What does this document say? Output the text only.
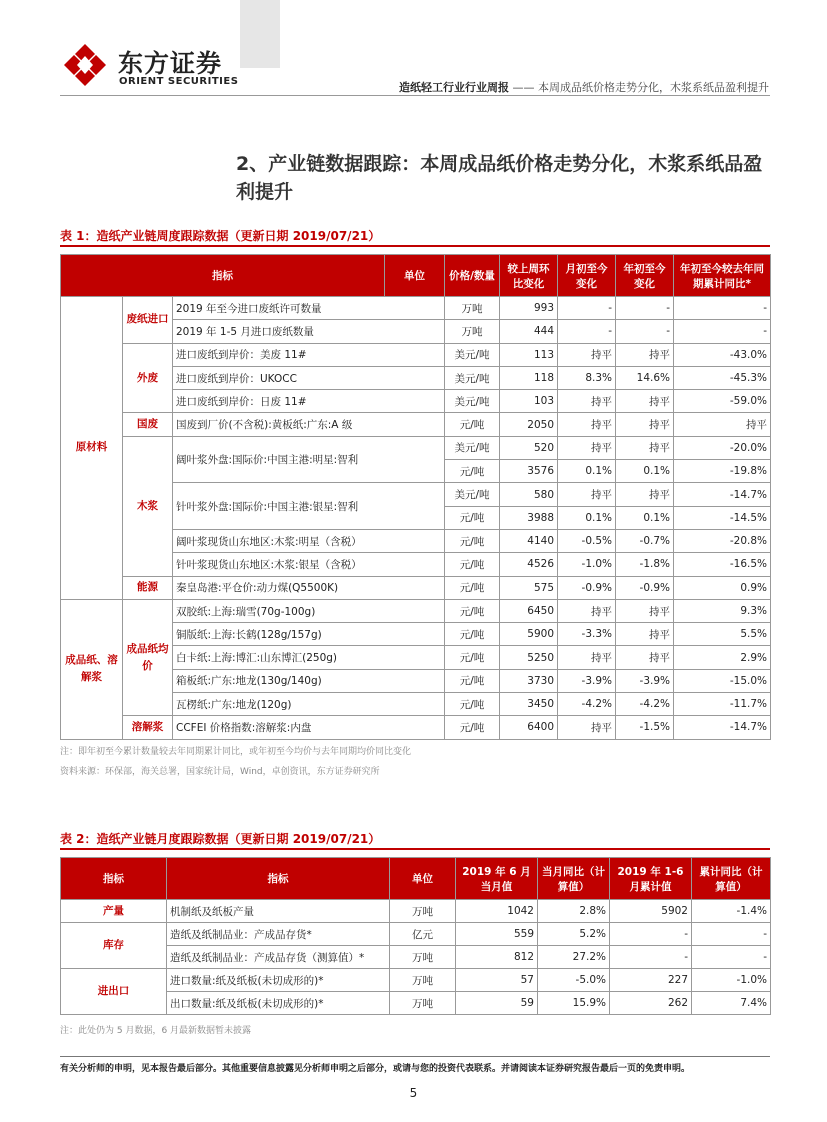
东方证券
ORIENT SECURITIES	造纸轻工行业行业周报 —— 本周成品纸价格走势分化，木浆系纸品盈利提升
2、产业链数据跟踪：本周成品纸价格走势分化，木浆系纸品盈利提升
表 1：造纸产业链周度跟踪数据（更新日期 2019/07/21）
指标			单位	价格/数量	较上周环比变化	月初至今变化	年初至今变化	年初至今较去年同期累计同比*	
原材料	废纸进口	2019 年至今进口废纸许可数量		万吨	993	-	-	-	
		2019 年 1-5 月进口废纸数量		万吨	444	-	-	-	
	外废	进口废纸到岸价：美废 11#		美元/吨	113	持平	持平	-43.0%	
		进口废纸到岸价：UKOCC		美元/吨	118	8.3%	14.6%	-45.3%	
		进口废纸到岸价：日废 11#		美元/吨	103	持平	持平	-59.0%	
	国废	国废到厂价(不含税):黄板纸:广东:A 级		元/吨	2050	持平	持平	持平	
	木浆	阔叶浆外盘:国际价:中国主港:明星:智利		美元/吨	520	持平	持平	-20.0%	
				元/吨	3576	0.1%	0.1%	-19.8%	
		针叶浆外盘:国际价:中国主港:银星:智利		美元/吨	580	持平	持平	-14.7%	
				元/吨	3988	0.1%	0.1%	-14.5%	
		阔叶浆现货山东地区:木浆:明星（含税）		元/吨	4140	-0.5%	-0.7%	-20.8%	
		针叶浆现货山东地区:木浆:银星（含税）		元/吨	4526	-1.0%	-1.8%	-16.5%	
	能源	秦皇岛港:平仓价:动力煤(Q5500K)		元/吨	575	-0.9%	-0.9%	0.9%	
成品纸、溶解浆	成品纸均价	双胶纸:上海:瑞雪(70g-100g)		元/吨	6450	持平	持平	9.3%	
		铜版纸:上海:长鹤(128g/157g)		元/吨	5900	-3.3%	持平	5.5%	
		白卡纸:上海:博汇:山东博汇(250g)		元/吨	5250	持平	持平	2.9%	
		箱板纸:广东:地龙(130g/140g)		元/吨	3730	-3.9%	-3.9%	-15.0%	
		瓦楞纸:广东:地龙(120g)		元/吨	3450	-4.2%	-4.2%	-11.7%	
	溶解浆	CCFEI 价格指数:溶解浆:内盘		元/吨	6400	持平	-1.5%	-14.7%	
注：即年初至今累计数量较去年同期累计同比，或年初至今均价与去年同期均价同比变化
资料来源：环保部，海关总署，国家统计局，Wind，卓创资讯，东方证券研究所
表 2：造纸产业链月度跟踪数据（更新日期 2019/07/21）
指标	指标	单位	2019 年 6 月当月值	当月同比（计算值）	2019 年 1-6 月累计值	累计同比（计算值）
产量	机制纸及纸板产量	万吨	1042	2.8%	5902	-1.4%
库存	造纸及纸制品业：产成品存货*	亿元	559	5.2%	-	-
	造纸及纸制品业：产成品存货（测算值）*	万吨	812	27.2%	-	-
进出口	进口数量:纸及纸板(未切成形的)*	万吨	57	-5.0%	227	-1.0%
	出口数量:纸及纸板(未切成形的)*	万吨	59	15.9%	262	7.4%
注：此处仍为 5 月数据，6 月最新数据暂未披露
有关分析师的申明，见本报告最后部分。其他重要信息披露见分析师申明之后部分，或请与您的投资代表联系。并请阅读本证券研究报告最后一页的免责申明。
5
